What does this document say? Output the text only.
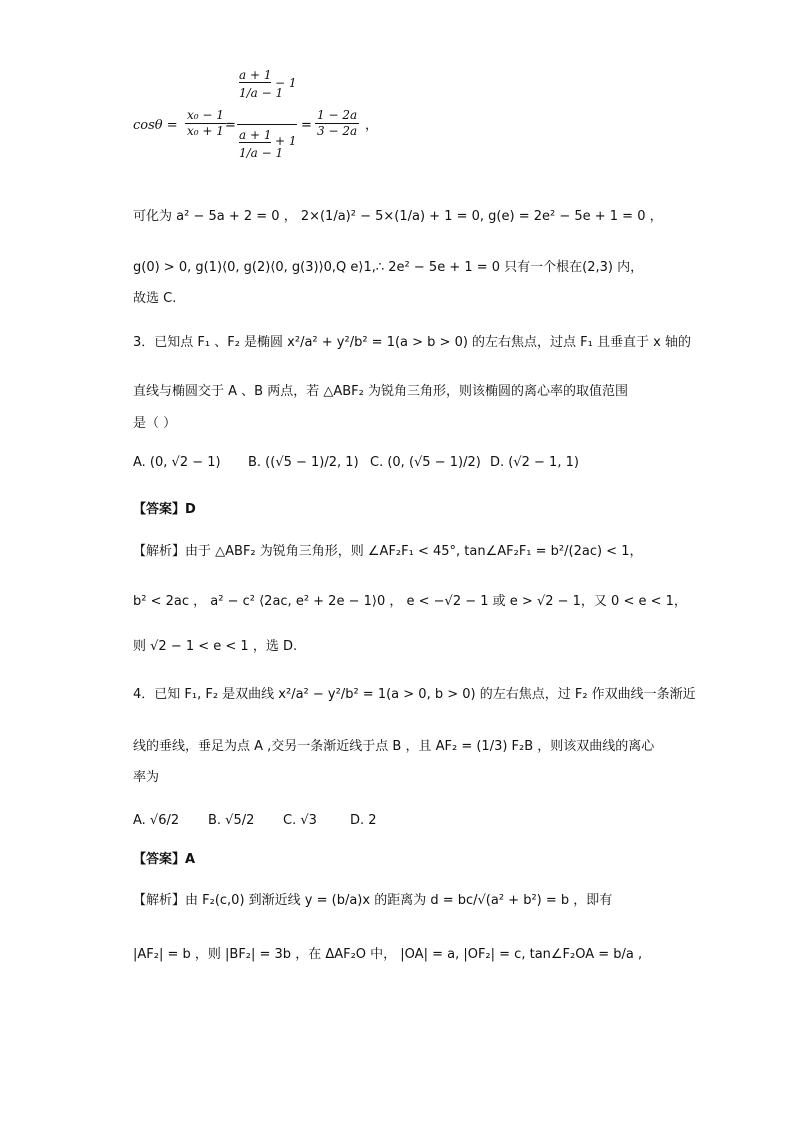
$\cos\theta = \frac{\text{x₀ − 1}}{\text{x₀ + 1}}$ =
a + 1
1/a − 1
− 1
a + 1
1/a − 1
+ 1
= $\frac{1 - 2a}{3 - 2a}$ ，
可化为 a² − 5a + 2 = 0 ， 2×(1/a)² − 5×(1/a) + 1 = 0, g(e) = 2e² − 5e + 1 = 0 ，
g(0) > 0, g(1)⟨0, g(2)⟨0, g(3)⟩0,Q e⟩1,∴ 2e² − 5e + 1 = 0 只有一个根在(2,3) 内，
故选 C.
3．已知点 F₁ 、F₂ 是椭圆 x²/a² + y²/b² = 1(a > b > 0) 的左右焦点，过点 F₁ 且垂直于 x 轴的
直线与椭圆交于 A 、B 两点，若 △ABF₂ 为锐角三角形，则该椭圆的离心率的取值范围
是（ ）
A. (0, √2 − 1) B. ((√5 − 1)/2, 1) C. (0, (√5 − 1)/2) D. (√2 − 1, 1)
【答案】D
【解析】由于 △ABF₂ 为锐角三角形，则 ∠AF₂F₁ < 45°, tan∠AF₂F₁ = b²/(2ac) < 1，
b² < 2ac ， a² − c² ⟨2ac, e² + 2e − 1⟩0 ， e < −√2 − 1 或 e > √2 − 1，又 0 < e < 1，
则 √2 − 1 < e < 1 ，选 D.
4．已知 F₁, F₂ 是双曲线 x²/a² − y²/b² = 1(a > 0, b > 0) 的左右焦点，过 F₂ 作双曲线一条渐近
线的垂线，垂足为点 A ,交另一条渐近线于点 B ，且 AF₂ = (1/3) F₂B ，则该双曲线的离心
率为
A. √6/2 B. √5/2 C. √3	D. 2
【答案】A
【解析】由 F₂(c,0) 到渐近线 y = (b/a)x 的距离为 d = bc/√(a² + b²) = b ，即有
|AF₂| = b ，则 |BF₂| = 3b ，在 ΔAF₂O 中， |OA| = a, |OF₂| = c, tan∠F₂OA = b/a ,
